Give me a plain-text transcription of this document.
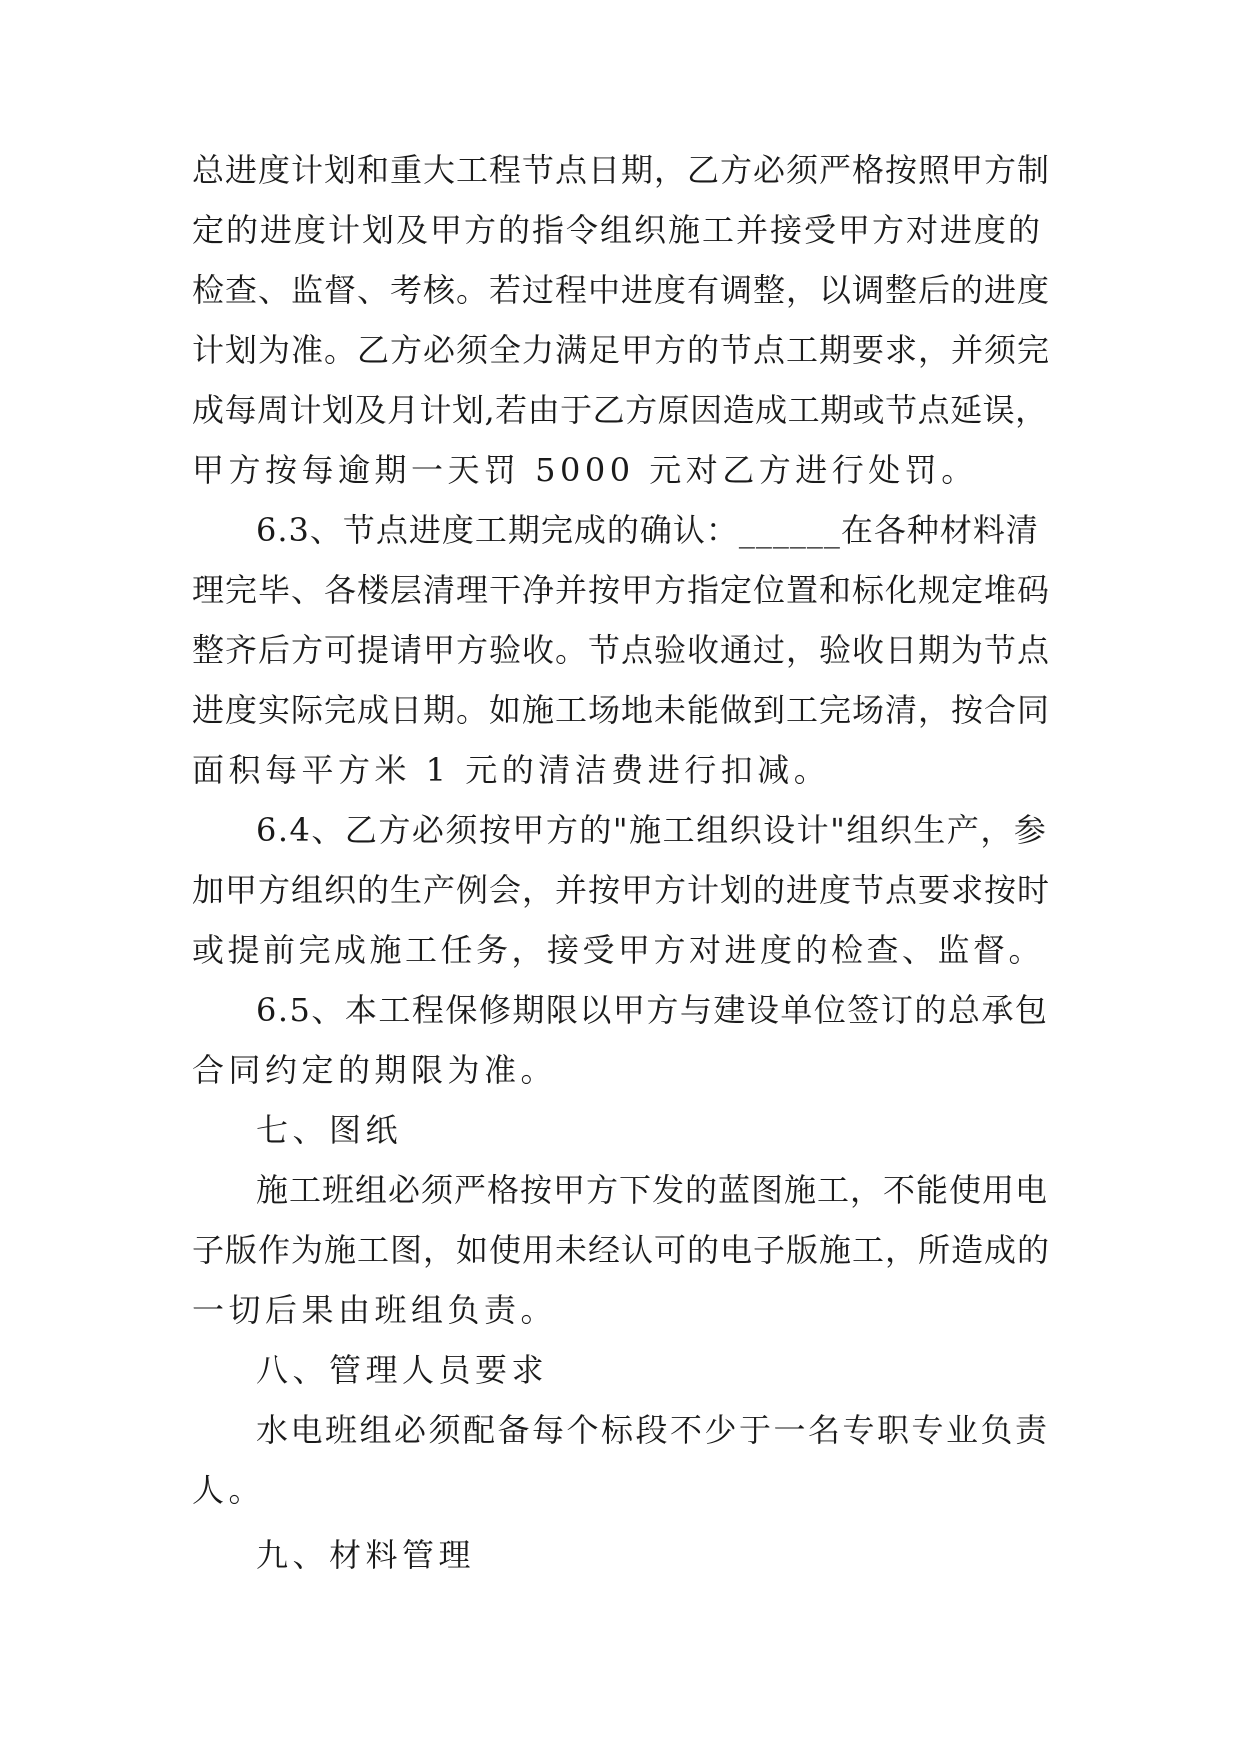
总进度计划和重大工程节点日期，乙方必须严格按照甲方制
定的进度计划及甲方的指令组织施工并接受甲方对进度的
检查、监督、考核。若过程中进度有调整，以调整后的进度
计划为准。乙方必须全力满足甲方的节点工期要求，并须完
成每周计划及月计划,若由于乙方原因造成工期或节点延误，
甲方按每逾期一天罚 5000 元对乙方进行处罚。
6.3、节点进度工期完成的确认：______在各种材料清
理完毕、各楼层清理干净并按甲方指定位置和标化规定堆码
整齐后方可提请甲方验收。节点验收通过，验收日期为节点
进度实际完成日期。如施工场地未能做到工完场清，按合同
面积每平方米 1 元的清洁费进行扣减。
6.4、乙方必须按甲方的"施工组织设计"组织生产，参
加甲方组织的生产例会，并按甲方计划的进度节点要求按时
或提前完成施工任务，接受甲方对进度的检查、监督。
6.5、本工程保修期限以甲方与建设单位签订的总承包
合同约定的期限为准。
七、图纸
施工班组必须严格按甲方下发的蓝图施工，不能使用电
子版作为施工图，如使用未经认可的电子版施工，所造成的
一切后果由班组负责。
八、管理人员要求
水电班组必须配备每个标段不少于一名专职专业负责
人。
九、材料管理
